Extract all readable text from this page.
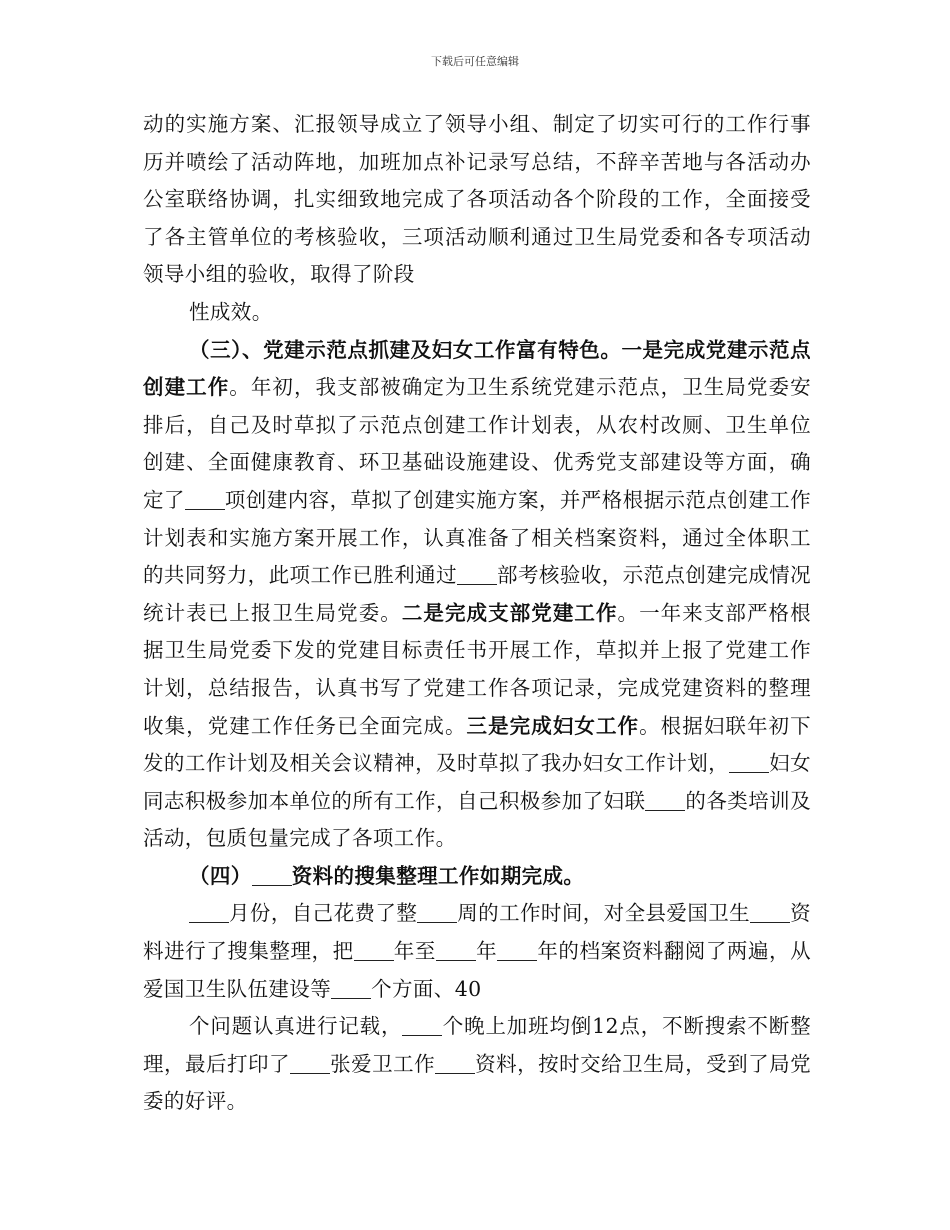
下载后可任意编辑

动的实施方案、汇报领导成立了领导小组、制定了切实可行的工作行事历并喷绘了活动阵地，加班加点补记录写总结，不辞辛苦地与各活动办公室联络协调，扎实细致地完成了各项活动各个阶段的工作，全面接受了各主管单位的考核验收，三项活动顺利通过卫生局党委和各专项活动领导小组的验收，取得了阶段

性成效。

（三）、党建示范点抓建及妇女工作富有特色。一是完成党建示范点创建工作。年初，我支部被确定为卫生系统党建示范点，卫生局党委安排后，自己及时草拟了示范点创建工作计划表，从农村改厕、卫生单位创建、全面健康教育、环卫基础设施建设、优秀党支部建设等方面，确定了 项创建内容，草拟了创建实施方案，并严格根据示范点创建工作计划表和实施方案开展工作，认真准备了相关档案资料，通过全体职工的共同努力，此项工作已胜利通过 部考核验收，示范点创建完成情况统计表已上报卫生局党委。二是完成支部党建工作。一年来支部严格根据卫生局党委下发的党建目标责任书开展工作，草拟并上报了党建工作计划，总结报告，认真书写了党建工作各项记录，完成党建资料的整理收集，党建工作任务已全面完成。三是完成妇女工作。根据妇联年初下发的工作计划及相关会议精神，及时草拟了我办妇女工作计划， 妇女同志积极参加本单位的所有工作，自己积极参加了妇联 的各类培训及活动，包质包量完成了各项工作。

（四） 资料的搜集整理工作如期完成。

月份，自己花费了整 周的工作时间，对全县爱国卫生 资料进行了搜集整理，把 年至 年 年的档案资料翻阅了两遍，从爱国卫生队伍建设等 个方面、40

个问题认真进行记载， 个晚上加班均倒12点，不断搜索不断整理，最后打印了 张爱卫工作 资料，按时交给卫生局，受到了局党委的好评。
